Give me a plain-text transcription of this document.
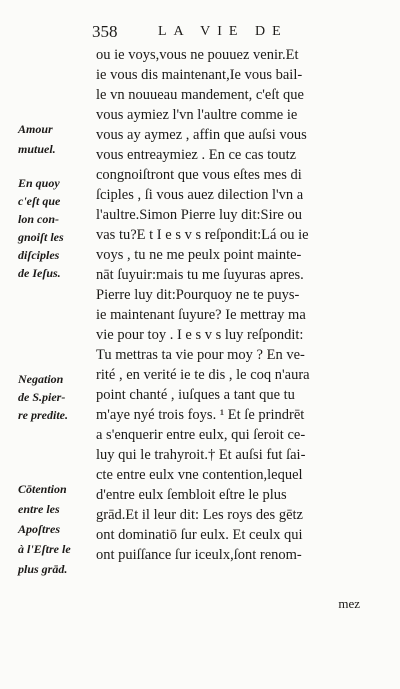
358	LA VIE DE
ou ie voys,vous ne pouuez venir.Et
ie vous dis maintenant,Ie vous bail-
le vn nouueau mandement, c'eſt que
vous aymiez l'vn l'aultre comme ie
vous ay aymez , affin que auſsi vous
vous entreaymiez . En ce cas toutz
congnoiſtront que vous eſtes mes di
ſciples , ſi vous auez dilection l'vn a
l'aultre.Simon Pierre luy dit:Sire ou
vas tu?E t I e s v s reſpondit:Lá ou ie
voys , tu ne me peulx point mainte-
nāt ſuyuir:mais tu me ſuyuras apres.
Pierre luy dit:Pourquoy ne te puys-
ie maintenant ſuyure? Ie mettray ma
vie pour toy . I e s v s luy reſpondit:
Tu mettras ta vie pour moy ? En ve-
rité , en verité ie te dis , le coq n'aura
point chanté , iuſques a tant que tu
m'aye nyé trois foys. ¹ Et ſe prindrēt
a s'enquerir entre eulx, qui ſeroit ce-
luy qui le trahyroit.† Et auſsi fut ſai-
cte entre eulx vne contention,lequel
d'entre eulx ſembloit eſtre le plus
grād.Et il leur dit: Les roys des gētz
ont dominatiō ſur eulx. Et ceulx qui
ont puiſſance ſur iceulx,ſont renom-
Amour
mutuel.
En quoy
c'eſt que
lon con-
gnoiſt les
diſciples
de Ieſus.
Negation
de S.pier-
re predite.
Cōtention
entre les
Apoſtres
à l'Eſtre le
plus grād.
mez
